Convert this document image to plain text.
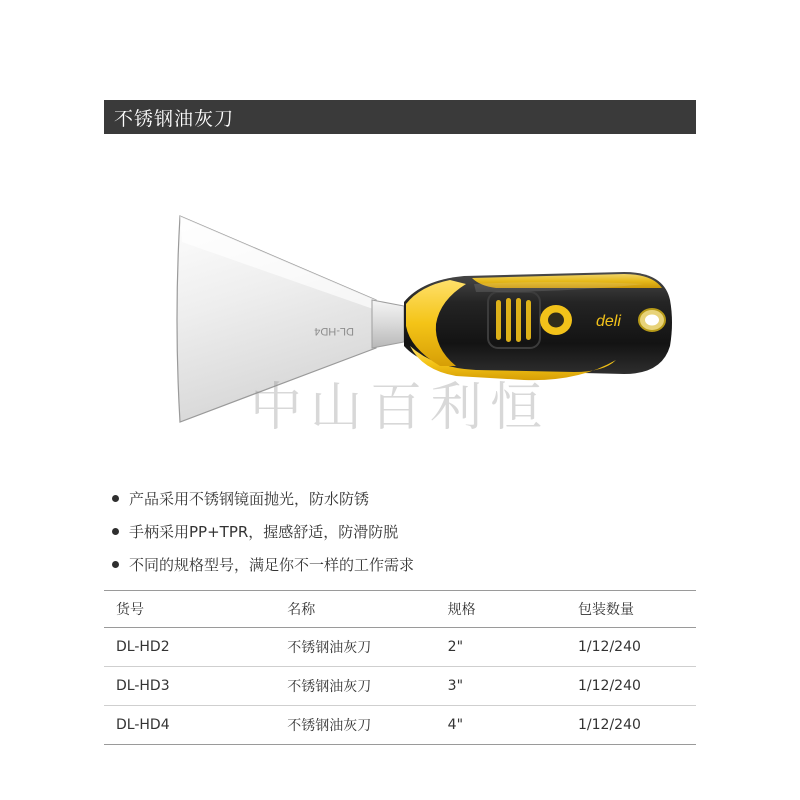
不锈钢油灰刀
DL-HD4
deli
中山百利恒
产品采用不锈钢镜面抛光，防水防锈
手柄采用PP+TPR，握感舒适，防滑防脱
不同的规格型号，满足你不一样的工作需求
货号	名称	规格	包装数量
DL-HD2	不锈钢油灰刀	2"	1/12/240
DL-HD3	不锈钢油灰刀	3"	1/12/240
DL-HD4	不锈钢油灰刀	4"	1/12/240
